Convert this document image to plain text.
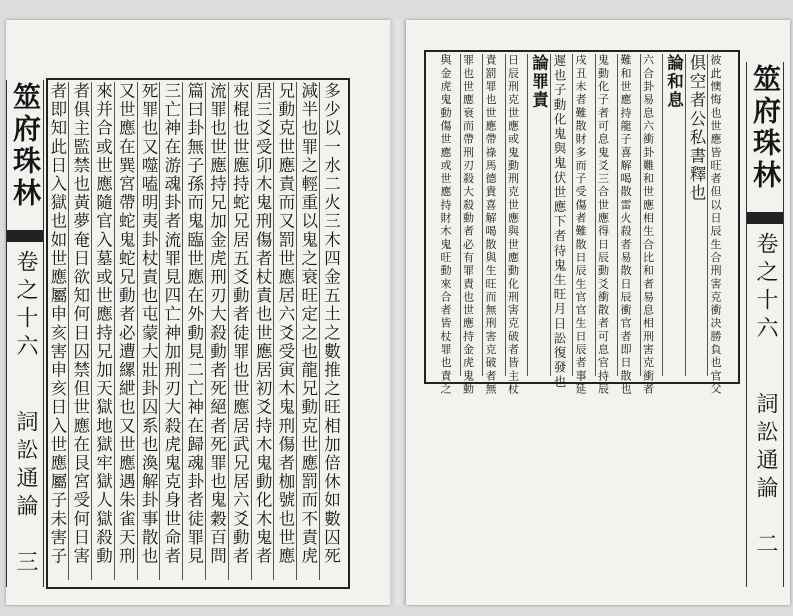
多少以一水二火三木四金五土之數推之旺相加倍休如數囚死
減半也罪之輕重以鬼之衰旺定之也龍兄動克世應罰而不責虎
兄動克世應責而又罰世應居六爻受寅木鬼刑傷者枷號也世應
居三爻受卯木鬼刑傷者杖責也世應居初爻持木鬼動化木鬼者
夾棍也世應持蛇兄居五爻動者徒罪也世應居武兄居六爻動者
流罪也世應持兄加金虎刑刃大殺動者死絕者死罪也鬼穀百問
篇曰卦無子孫而鬼臨世應在外動見二亡神在歸魂卦者徒罪見
三亡神在游魂卦者流罪見四亡神加刑刃大殺虎鬼克身世命者
死罪也又噬嗑明夷卦杖責也屯蒙大壯卦囚系也渙解卦事散也
又世應在巽宮帶蛇鬼蛇兄動者必遭縲紲也又世應遇朱雀天刑
來并合或世應隨官入墓或世應持兄加天獄地獄牢獄人獄殺動
者俱主監禁也黃夢奄日欲知何日囚禁但世應在艮宮受何日害
者即知此日入獄也如世應屬申亥害申亥日入世應屬子未害子
筮府珠林
卷之十六
詞訟通論
三
彼此懊悔也世應皆旺者但以日辰生合刑害克衝决勝負也官父
俱空者公私書釋也
論和息
六合卦易息六衝卦難和世應相生合比和者易息相刑害克衝者
難和世應持龍子喜解喝散雷火殺者易散日辰衝官者即日散也
鬼動化子者可息鬼爻三合世應得日辰動爻衝散者可息官持辰
戌丑未者難散財多而子受傷者難散日辰生官官生日辰者事延
遲也子動化鬼與鬼伏世應下者待鬼生旺月日訟復發也
論罪責
日辰刑克世應或鬼動刑克世應與世應動化刑害克破者皆主杖
責罰罪也世應帶祿馬德貴喜解喝散與生旺而無刑害克破者無
罪也世應衰而帶刑刃殺大殺動者必有罪責也世應持金虎鬼動
與金虎鬼動傷世應或世應持財木鬼旺動來合者皆杖罪也責之	筮府珠林
卷之十六
詞訟通論
二
